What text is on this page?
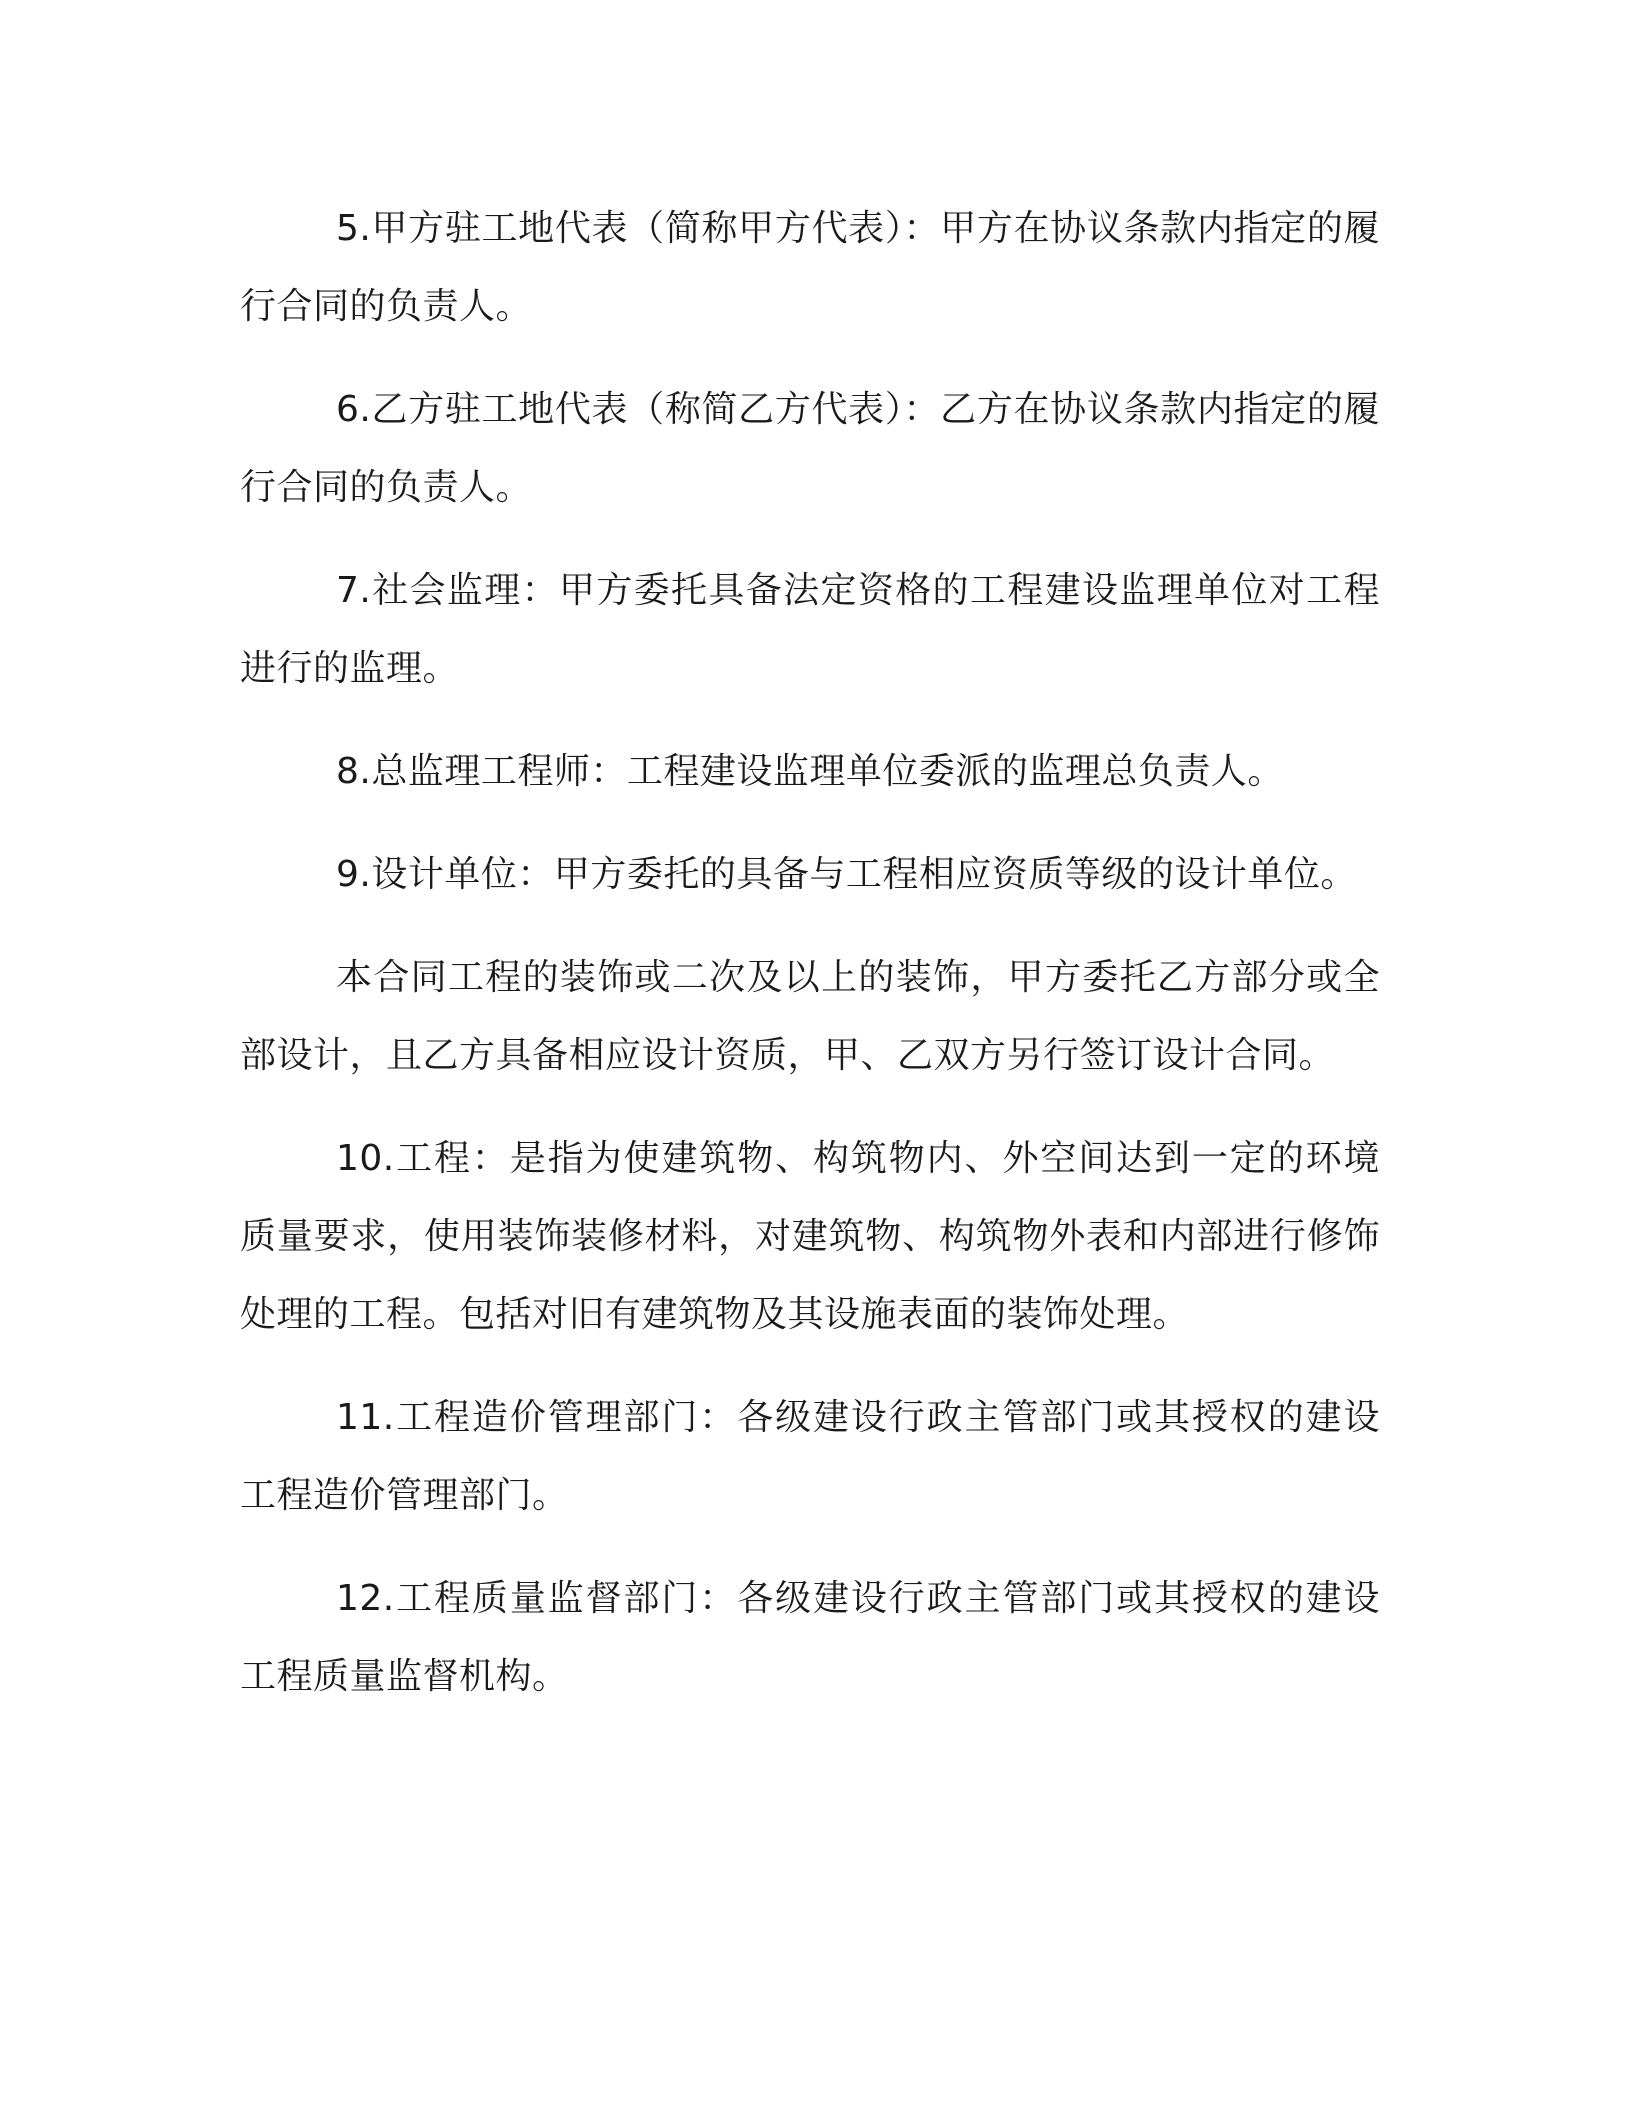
5.甲方驻工地代表（简称甲方代表）：甲方在协议条款内指定的履行合同的负责人。

6.乙方驻工地代表（称简乙方代表）：乙方在协议条款内指定的履行合同的负责人。

7.社会监理：甲方委托具备法定资格的工程建设监理单位对工程进行的监理。

8.总监理工程师：工程建设监理单位委派的监理总负责人。

9.设计单位：甲方委托的具备与工程相应资质等级的设计单位。

本合同工程的装饰或二次及以上的装饰，甲方委托乙方部分或全部设计，且乙方具备相应设计资质，甲、乙双方另行签订设计合同。

10.工程：是指为使建筑物、构筑物内、外空间达到一定的环境质量要求，使用装饰装修材料，对建筑物、构筑物外表和内部进行修饰处理的工程。包括对旧有建筑物及其设施表面的装饰处理。

11.工程造价管理部门：各级建设行政主管部门或其授权的建设工程造价管理部门。

12.工程质量监督部门：各级建设行政主管部门或其授权的建设工程质量监督机构。
